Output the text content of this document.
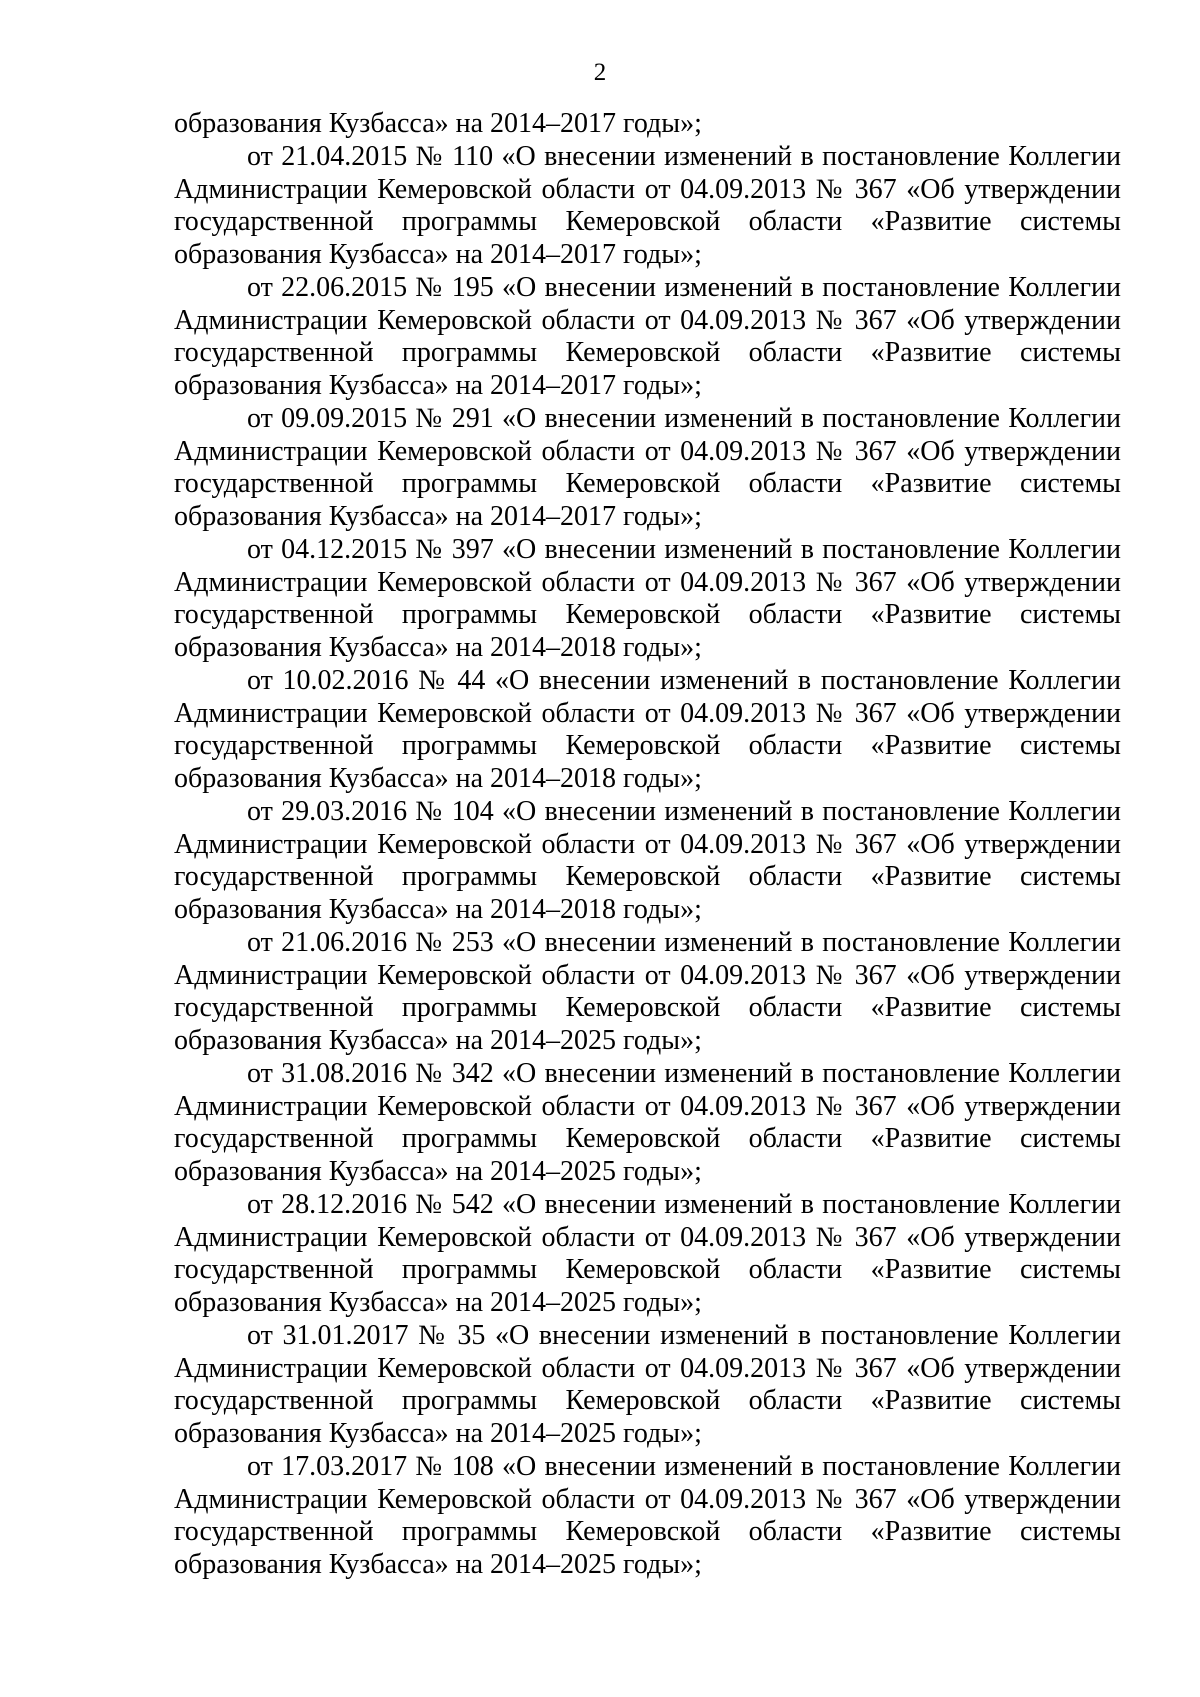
2

образования Кузбасса» на 2014–2017 годы»;

от 21.04.2015 № 110 «О внесении изменений в постановление Коллегии Администрации Кемеровской области от 04.09.2013 № 367 «Об утверждении государственной программы Кемеровской области «Развитие системы образования Кузбасса» на 2014–2017 годы»;

от 22.06.2015 № 195 «О внесении изменений в постановление Коллегии Администрации Кемеровской области от 04.09.2013 № 367 «Об утверждении государственной программы Кемеровской области «Развитие системы образования Кузбасса» на 2014–2017 годы»;

от 09.09.2015 № 291 «О внесении изменений в постановление Коллегии Администрации Кемеровской области от 04.09.2013 № 367 «Об утверждении государственной программы Кемеровской области «Развитие системы образования Кузбасса» на 2014–2017 годы»;

от 04.12.2015 № 397 «О внесении изменений в постановление Коллегии Администрации Кемеровской области от 04.09.2013 № 367 «Об утверждении государственной программы Кемеровской области «Развитие системы образования Кузбасса» на 2014–2018 годы»;

от 10.02.2016 № 44 «О внесении изменений в постановление Коллегии Администрации Кемеровской области от 04.09.2013 № 367 «Об утверждении государственной программы Кемеровской области «Развитие системы образования Кузбасса» на 2014–2018 годы»;

от 29.03.2016 № 104 «О внесении изменений в постановление Коллегии Администрации Кемеровской области от 04.09.2013 № 367 «Об утверждении государственной программы Кемеровской области «Развитие системы образования Кузбасса» на 2014–2018 годы»;

от 21.06.2016 № 253 «О внесении изменений в постановление Коллегии Администрации Кемеровской области от 04.09.2013 № 367 «Об утверждении государственной программы Кемеровской области «Развитие системы образования Кузбасса» на 2014–2025 годы»;

от 31.08.2016 № 342 «О внесении изменений в постановление Коллегии Администрации Кемеровской области от 04.09.2013 № 367 «Об утверждении государственной программы Кемеровской области «Развитие системы образования Кузбасса» на 2014–2025 годы»;

от 28.12.2016 № 542 «О внесении изменений в постановление Коллегии Администрации Кемеровской области от 04.09.2013 № 367 «Об утверждении государственной программы Кемеровской области «Развитие системы образования Кузбасса» на 2014–2025 годы»;

от 31.01.2017 № 35 «О внесении изменений в постановление Коллегии Администрации Кемеровской области от 04.09.2013 № 367 «Об утверждении государственной программы Кемеровской области «Развитие системы образования Кузбасса» на 2014–2025 годы»;

от 17.03.2017 № 108 «О внесении изменений в постановление Коллегии Администрации Кемеровской области от 04.09.2013 № 367 «Об утверждении государственной программы Кемеровской области «Развитие системы образования Кузбасса» на 2014–2025 годы»;
